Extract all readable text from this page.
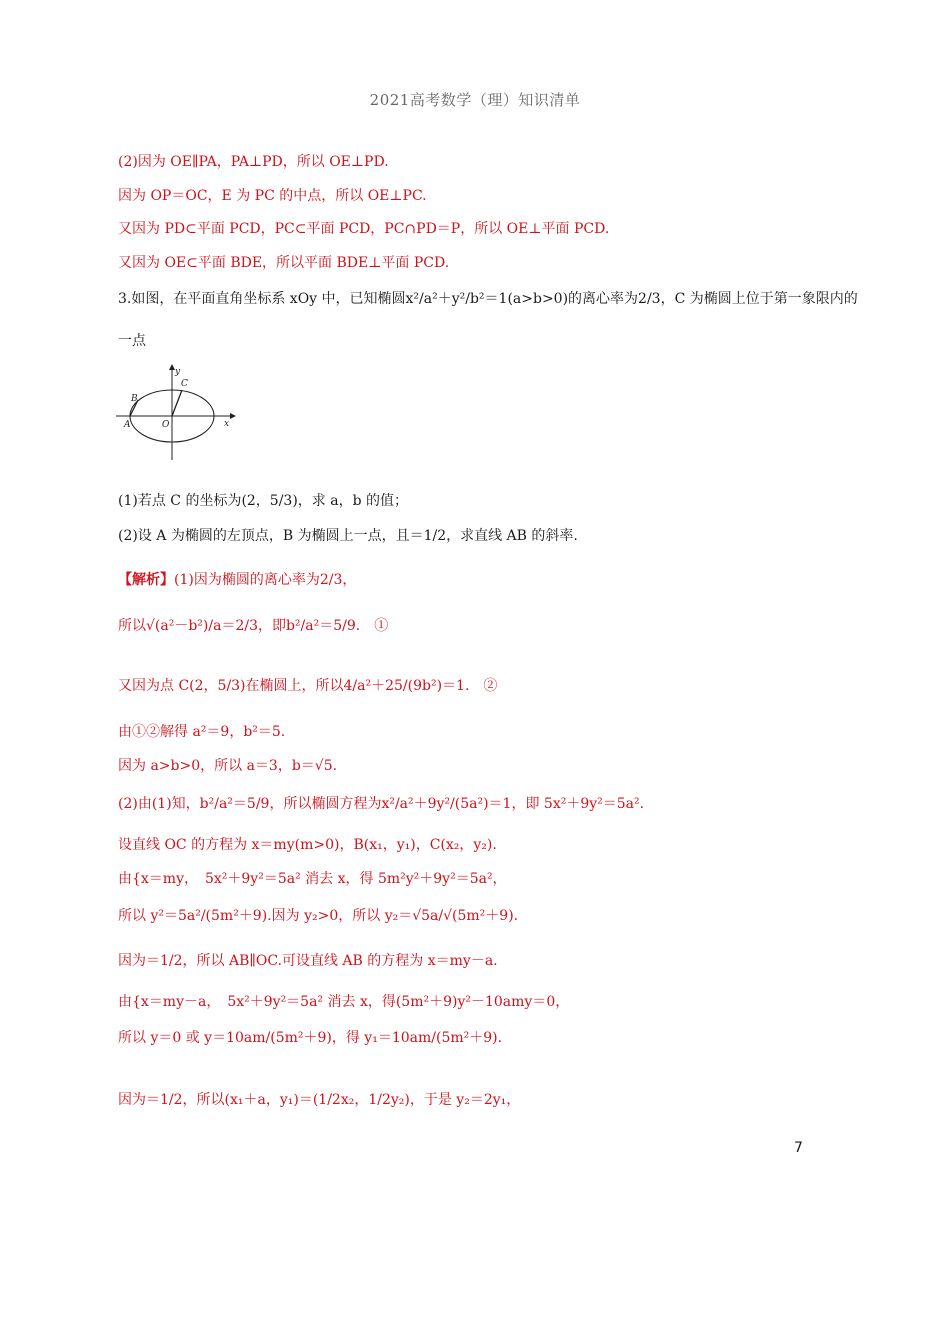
2021高考数学（理）知识清单
(2)因为 OE∥PA，PA⊥PD，所以 OE⊥PD.
因为 OP＝OC，E 为 PC 的中点，所以 OE⊥PC.
又因为 PD⊂平面 PCD，PC⊂平面 PCD，PC∩PD＝P，所以 OE⊥平面 PCD.
又因为 OE⊂平面 BDE，所以平面 BDE⊥平面 PCD.
3.如图，在平面直角坐标系 xOy 中，已知椭圆x²/a²＋y²/b²＝1(a>b>0)的离心率为2/3，C 为椭圆上位于第一象限内的
一点
y
x
O
A
B
C
(1)若点 C 的坐标为(2，5/3)，求 a，b 的值；
(2)设 A 为椭圆的左顶点，B 为椭圆上一点，且＝1/2，求直线 AB 的斜率.
【解析】(1)因为椭圆的离心率为2/3，
所以√(a²－b²)/a＝2/3，即b²/a²＝5/9.　①
又因为点 C(2，5/3)在椭圆上，所以4/a²＋25/(9b²)＝1.　②
由①②解得 a²＝9，b²＝5.
因为 a>b>0，所以 a＝3，b＝√5.
(2)由(1)知，b²/a²＝5/9，所以椭圆方程为x²/a²＋9y²/(5a²)＝1，即 5x²＋9y²＝5a².
设直线 OC 的方程为 x＝my(m>0)，B(x₁，y₁)，C(x₂，y₂).
由{x＝my，　5x²＋9y²＝5a² 消去 x，得 5m²y²＋9y²＝5a²，
所以 y²＝5a²/(5m²＋9).因为 y₂>0，所以 y₂＝√5a/√(5m²＋9).
因为＝1/2，所以 AB∥OC.可设直线 AB 的方程为 x＝my－a.
由{x＝my－a，　5x²＋9y²＝5a² 消去 x，得(5m²＋9)y²－10amy＝0，
所以 y＝0 或 y＝10am/(5m²＋9)，得 y₁＝10am/(5m²＋9).
因为＝1/2，所以(x₁＋a，y₁)＝(1/2x₂，1/2y₂)，于是 y₂＝2y₁，
7
